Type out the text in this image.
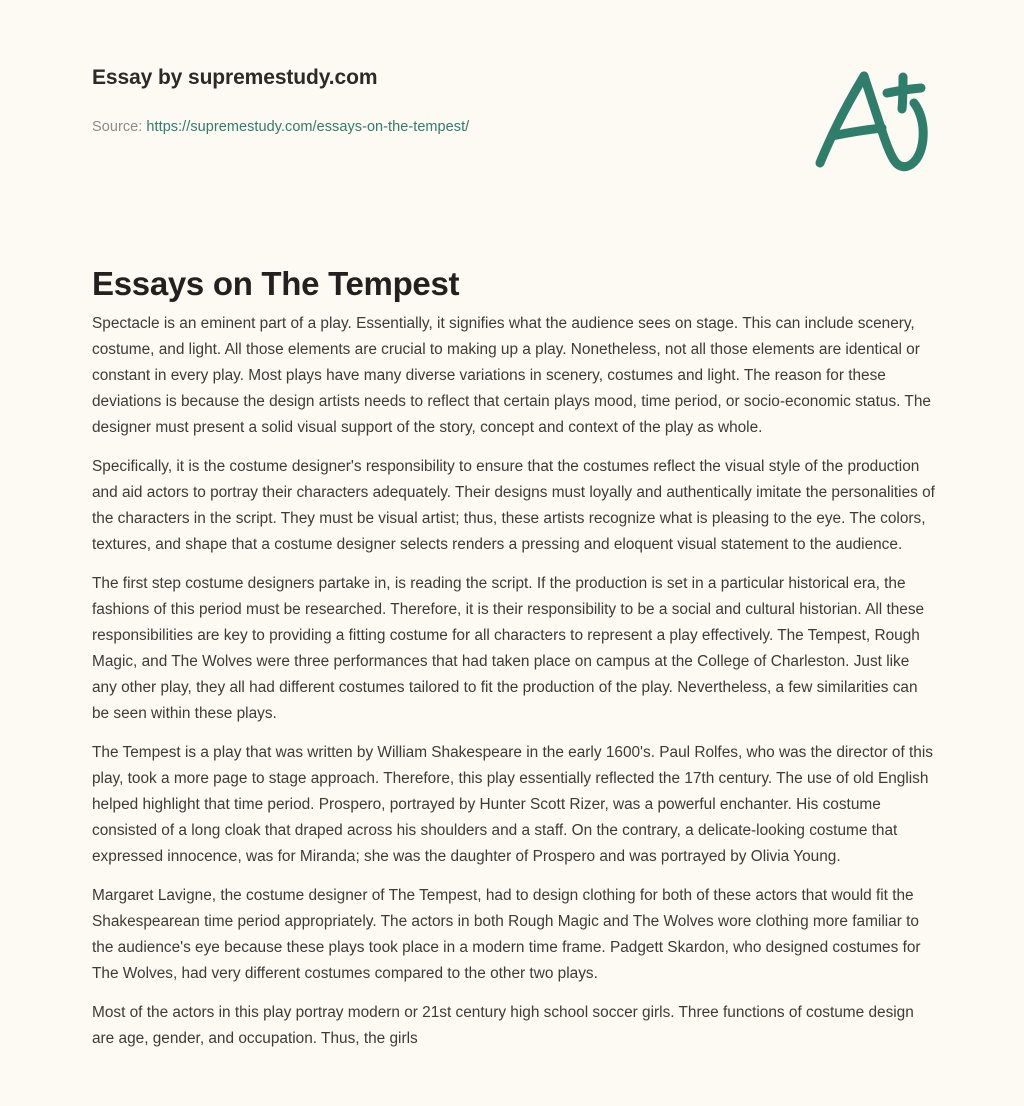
Essay by supremestudy.com
Source: https://supremestudy.com/essays-on-the-tempest/
Essays on The Tempest

Spectacle is an eminent part of a play. Essentially, it signifies what the audience sees on stage. This can include scenery, costume, and light. All those elements are crucial to making up a play. Nonetheless, not all those elements are identical or constant in every play. Most plays have many diverse variations in scenery, costumes and light. The reason for these deviations is because the design artists needs to reflect that certain plays mood, time period, or socio-economic status. The designer must present a solid visual support of the story, concept and context of the play as whole.

Specifically, it is the costume designer's responsibility to ensure that the costumes reflect the visual style of the production and aid actors to portray their characters adequately. Their designs must loyally and authentically imitate the personalities of the characters in the script. They must be visual artist; thus, these artists recognize what is pleasing to the eye. The colors, textures, and shape that a costume designer selects renders a pressing and eloquent visual statement to the audience.

The first step costume designers partake in, is reading the script. If the production is set in a particular historical era, the fashions of this period must be researched. Therefore, it is their responsibility to be a social and cultural historian. All these responsibilities are key to providing a fitting costume for all characters to represent a play effectively. The Tempest, Rough Magic, and The Wolves were three performances that had taken place on campus at the College of Charleston. Just like any other play, they all had different costumes tailored to fit the production of the play. Nevertheless, a few similarities can be seen within these plays.

The Tempest is a play that was written by William Shakespeare in the early 1600's. Paul Rolfes, who was the director of this play, took a more page to stage approach. Therefore, this play essentially reflected the 17th century. The use of old English helped highlight that time period. Prospero, portrayed by Hunter Scott Rizer, was a powerful enchanter. His costume consisted of a long cloak that draped across his shoulders and a staff. On the contrary, a delicate-looking costume that expressed innocence, was for Miranda; she was the daughter of Prospero and was portrayed by Olivia Young.

Margaret Lavigne, the costume designer of The Tempest, had to design clothing for both of these actors that would fit the Shakespearean time period appropriately. The actors in both Rough Magic and The Wolves wore clothing more familiar to the audience's eye because these plays took place in a modern time frame. Padgett Skardon, who designed costumes for The Wolves, had very different costumes compared to the other two plays.

Most of the actors in this play portray modern or 21st century high school soccer girls. Three functions of costume design are age, gender, and occupation. Thus, the girls
